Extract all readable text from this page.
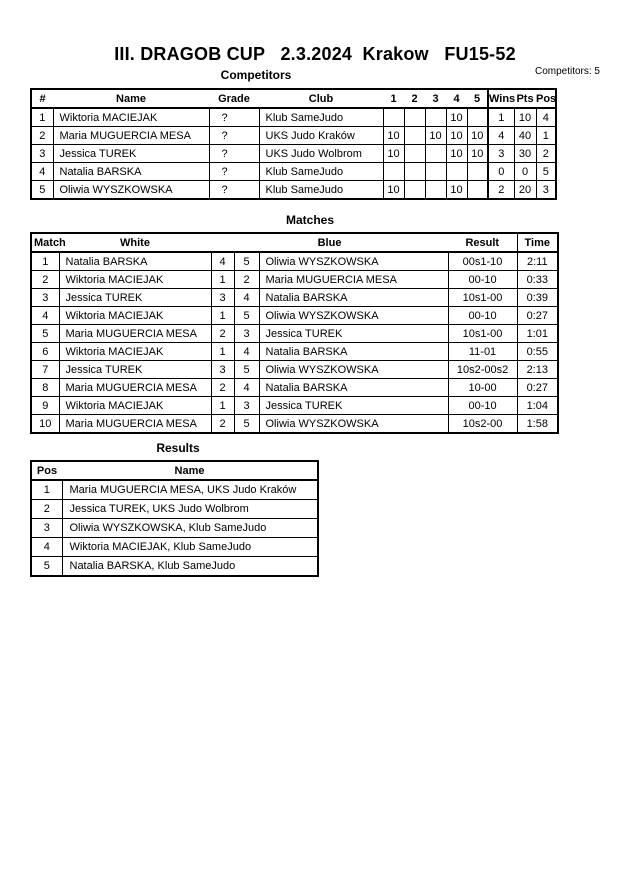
III. DRAGOB CUP   2.3.2024  Krakow   FU15-52
Competitors	Competitors: 5
#	Name	Grade	Club	1	2	3	4	5	Wins	Pts	Pos
1	Wiktoria MACIEJAK	?	Klub SameJudo				10		1	10	4
2	Maria MUGUERCIA MESA	?	UKS Judo Kraków	10		10	10	10	4	40	1
3	Jessica TUREK	?	UKS Judo Wolbrom	10			10	10	3	30	2
4	Natalia BARSKA	?	Klub SameJudo						0	0	5
5	Oliwia WYSZKOWSKA	?	Klub SameJudo	10			10		2	20	3
Matches
Match	White	Blue			Result	Time
1	Natalia BARSKA	4	5	Oliwia WYSZKOWSKA	00s1-10	2:11
2	Wiktoria MACIEJAK	1	2	Maria MUGUERCIA MESA	00-10	0:33
3	Jessica TUREK	3	4	Natalia BARSKA	10s1-00	0:39
4	Wiktoria MACIEJAK	1	5	Oliwia WYSZKOWSKA	00-10	0:27
5	Maria MUGUERCIA MESA	2	3	Jessica TUREK	10s1-00	1:01
6	Wiktoria MACIEJAK	1	4	Natalia BARSKA	11-01	0:55
7	Jessica TUREK	3	5	Oliwia WYSZKOWSKA	10s2-00s2	2:13
8	Maria MUGUERCIA MESA	2	4	Natalia BARSKA	10-00	0:27
9	Wiktoria MACIEJAK	1	3	Jessica TUREK	00-10	1:04
10	Maria MUGUERCIA MESA	2	5	Oliwia WYSZKOWSKA	10s2-00	1:58
Results
Pos	Name
1	Maria MUGUERCIA MESA, UKS Judo Kraków
2	Jessica TUREK, UKS Judo Wolbrom
3	Oliwia WYSZKOWSKA, Klub SameJudo
4	Wiktoria MACIEJAK, Klub SameJudo
5	Natalia BARSKA, Klub SameJudo
